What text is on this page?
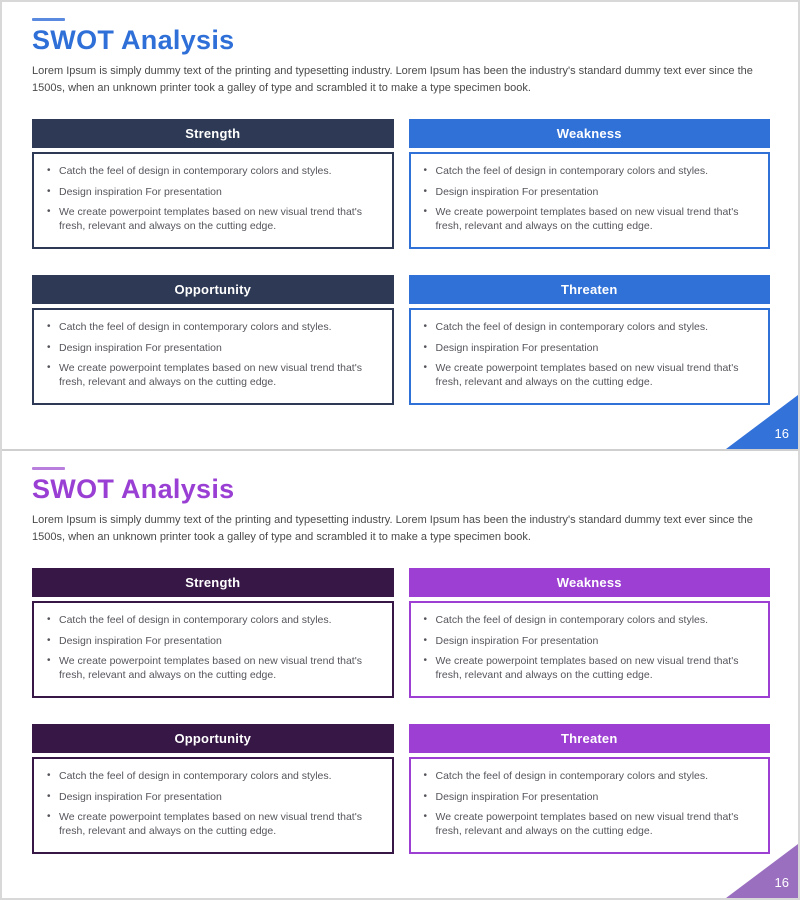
SWOT Analysis

Lorem Ipsum is simply dummy text of the printing and typesetting industry. Lorem Ipsum has been the industry's standard dummy text ever since the 1500s, when an unknown printer took a galley of type and scrambled it to make a type specimen book.

Strength
• Catch the feel of design in contemporary colors and styles.
• Design inspiration For presentation
• We create powerpoint templates based on new visual trend that's fresh, relevant and always on the cutting edge.
Weakness
• Catch the feel of design in contemporary colors and styles.
• Design inspiration For presentation
• We create powerpoint templates based on new visual trend that's fresh, relevant and always on the cutting edge.
Opportunity
• Catch the feel of design in contemporary colors and styles.
• Design inspiration For presentation
• We create powerpoint templates based on new visual trend that's fresh, relevant and always on the cutting edge.
Threaten
• Catch the feel of design in contemporary colors and styles.
• Design inspiration For presentation
• We create powerpoint templates based on new visual trend that's fresh, relevant and always on the cutting edge.
16
SWOT Analysis

Lorem Ipsum is simply dummy text of the printing and typesetting industry. Lorem Ipsum has been the industry's standard dummy text ever since the 1500s, when an unknown printer took a galley of type and scrambled it to make a type specimen book.

Strength
• Catch the feel of design in contemporary colors and styles.
• Design inspiration For presentation
• We create powerpoint templates based on new visual trend that's fresh, relevant and always on the cutting edge.
Weakness
• Catch the feel of design in contemporary colors and styles.
• Design inspiration For presentation
• We create powerpoint templates based on new visual trend that's fresh, relevant and always on the cutting edge.
Opportunity
• Catch the feel of design in contemporary colors and styles.
• Design inspiration For presentation
• We create powerpoint templates based on new visual trend that's fresh, relevant and always on the cutting edge.
Threaten
• Catch the feel of design in contemporary colors and styles.
• Design inspiration For presentation
• We create powerpoint templates based on new visual trend that's fresh, relevant and always on the cutting edge.
16
